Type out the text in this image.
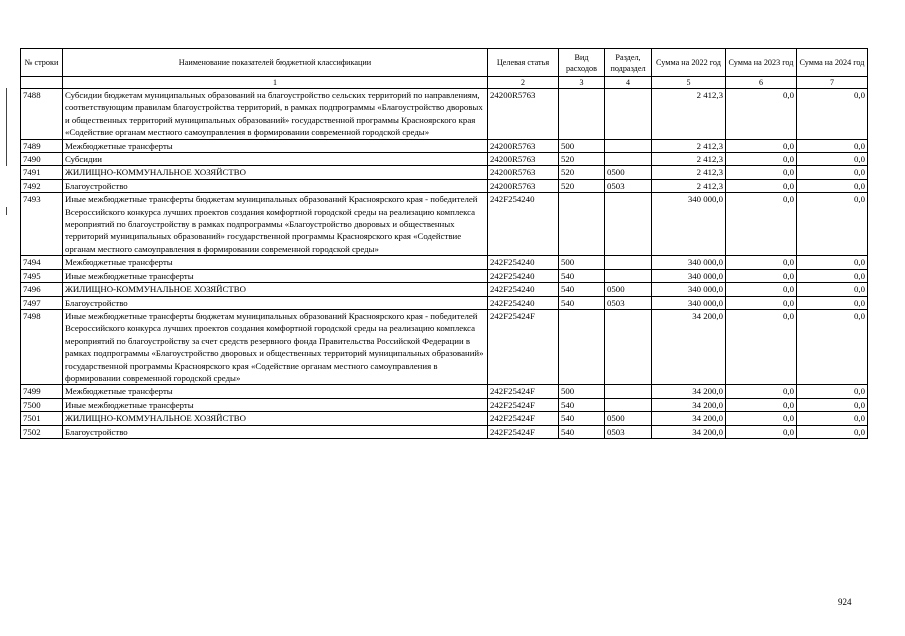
№ строки	Наименование показателей бюджетной классификации	Целевая статья	Вид расходов	Раздел, подраздел	Сумма на 2022 год	Сумма на 2023 год	Сумма на 2024 год
	1	2	3	4	5	6	7
7488	Субсидии бюджетам муниципальных образований на благоустройство сельских территорий по направлениям, соответствующим правилам благоустройства территорий, в рамках подпрограммы «Благоустройство дворовых и общественных территорий муниципальных образований» государственной программы Красноярского края «Содействие органам местного самоуправления в формировании современной городской среды»	24200R5763			2 412,3	0,0	0,0
7489	Межбюджетные трансферты	24200R5763	500		2 412,3	0,0	0,0
7490	Субсидии	24200R5763	520		2 412,3	0,0	0,0
7491	ЖИЛИЩНО-КОММУНАЛЬНОЕ ХОЗЯЙСТВО	24200R5763	520	0500	2 412,3	0,0	0,0
7492	Благоустройство	24200R5763	520	0503	2 412,3	0,0	0,0
7493	Иные межбюджетные трансферты бюджетам муниципальных образований Красноярского края - победителей Всероссийского конкурса лучших проектов создания комфортной городской среды на реализацию комплекса мероприятий по благоустройству в рамках подпрограммы «Благоустройство дворовых и общественных территорий муниципальных образований» государственной программы Красноярского края «Содействие органам местного самоуправления в формировании современной городской среды»	242F254240			340 000,0	0,0	0,0
7494	Межбюджетные трансферты	242F254240	500		340 000,0	0,0	0,0
7495	Иные межбюджетные трансферты	242F254240	540		340 000,0	0,0	0,0
7496	ЖИЛИЩНО-КОММУНАЛЬНОЕ ХОЗЯЙСТВО	242F254240	540	0500	340 000,0	0,0	0,0
7497	Благоустройство	242F254240	540	0503	340 000,0	0,0	0,0
7498	Иные межбюджетные трансферты бюджетам муниципальных образований Красноярского края - победителей Всероссийского конкурса лучших проектов создания комфортной городской среды на реализацию комплекса мероприятий по благоустройству за счет средств резервного фонда Правительства Российской Федерации в рамках подпрограммы «Благоустройство дворовых и общественных территорий муниципальных образований» государственной программы Красноярского края «Содействие органам местного самоуправления в формировании современной городской среды»	242F25424F			34 200,0	0,0	0,0
7499	Межбюджетные трансферты	242F25424F	500		34 200,0	0,0	0,0
7500	Иные межбюджетные трансферты	242F25424F	540		34 200,0	0,0	0,0
7501	ЖИЛИЩНО-КОММУНАЛЬНОЕ ХОЗЯЙСТВО	242F25424F	540	0500	34 200,0	0,0	0,0
7502	Благоустройство	242F25424F	540	0503	34 200,0	0,0	0,0
924
